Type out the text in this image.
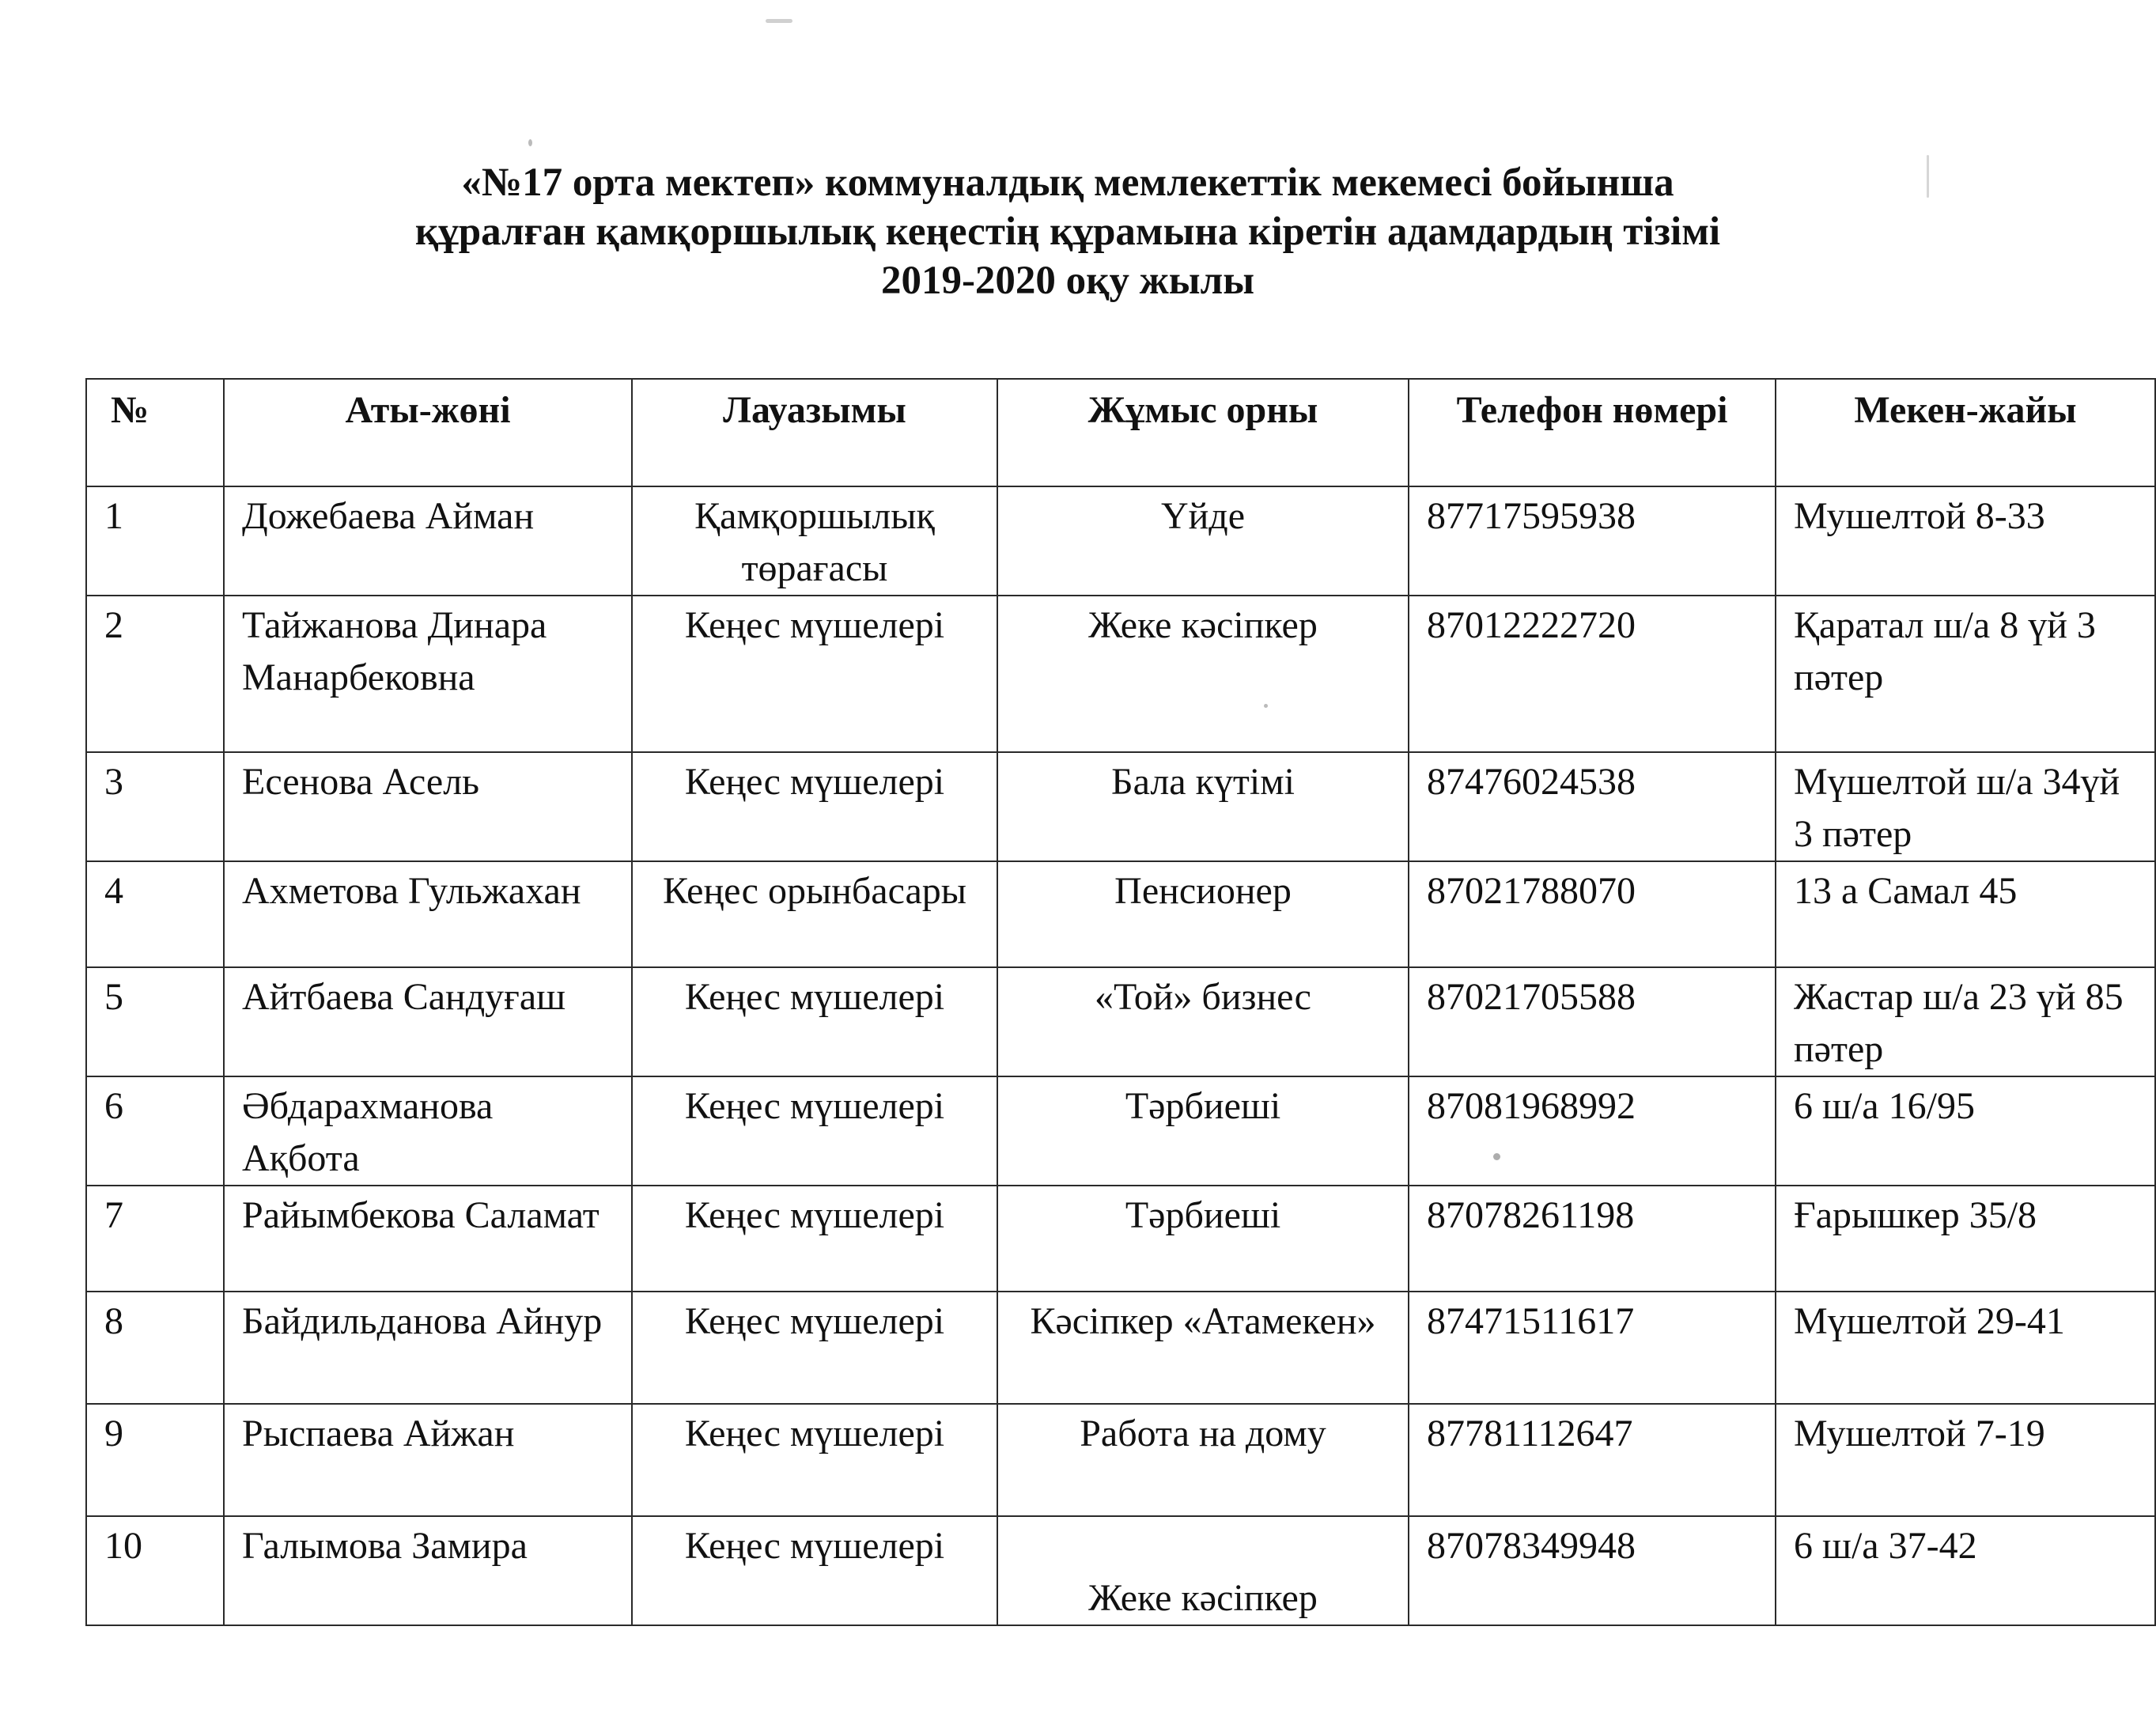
«№17 орта мектеп» коммуналдық мемлекеттік мекемесі бойынша
құралған қамқоршылық кеңестің құрамына кіретін адамдардың тізімі
2019-2020 оқу жылы
№	Аты-жөні	Лауазымы	Жұмыс орны	Телефон нөмері	Мекен-жайы
1	Дожебаева Айман	Қамқоршылық төрағасы	Үйде	87717595938	Мушелтой 8-33
2	Тайжанова Динара Манарбековна	Кеңес мүшелері	Жеке кәсіпкер	87012222720	Қаратал ш/а 8 үй 3 пәтер
3	Есенова Асель	Кеңес мүшелері	Бала күтімі	87476024538	Мүшелтой ш/а 34үй 3 пәтер
4	Ахметова Гульжахан	Кеңес орынбасары	Пенсионер	87021788070	13 а Самал 45
5	Айтбаева Сандуғаш	Кеңес мүшелері	«Той» бизнес	87021705588	Жастар ш/а 23 үй 85 пәтер
6	Әбдарахманова Ақбота	Кеңес мүшелері	Тәрбиеші	87081968992	6 ш/а 16/95
7	Райымбекова Саламат	Кеңес мүшелері	Тәрбиеші	87078261198	Ғарышкер 35/8
8	Байдильданова Айнур	Кеңес мүшелері	Кәсіпкер «Атамекен»	87471511617	Мүшелтой 29-41
9	Рыспаева Айжан	Кеңес мүшелері	Работа на дому	87781112647	Мушелтой 7-19
10	Галымова Замира	Кеңес мүшелері	Жеке кәсіпкер	87078349948	6 ш/а 37-42
